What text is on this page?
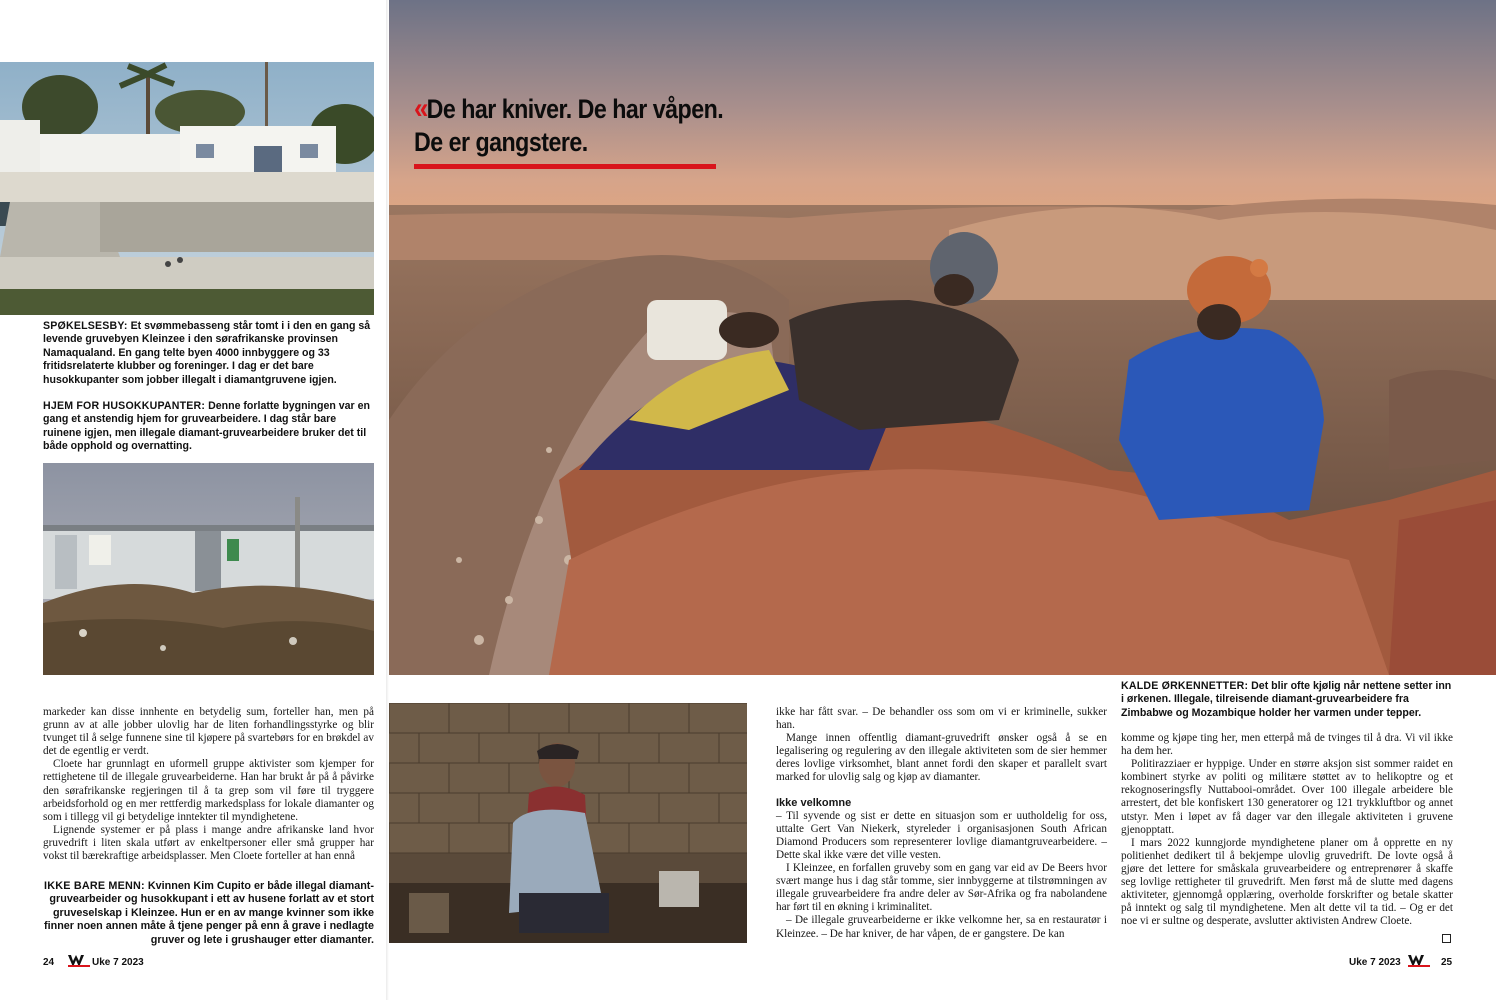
SPØKELSESBY: Et svømmebasseng står tomt i i den en gang så levende gruvebyen Kleinzee i den sørafrikanske provinsen Namaqualand. En gang telte byen 4000 innbyggere og 33 fritidsrelaterte klubber og foreninger. I dag er det bare husokkupanter som jobber illegalt i diamantgruvene igjen.

HJEM FOR HUSOKKUPANTER: Denne forlatte bygningen var en gang et anstendig hjem for gruvearbeidere. I dag står bare ruinene igjen, men illegale diamant-gruvearbeidere bruker det til både opphold og overnatting.

markeder kan disse innhente en betydelig sum, forteller han, men på grunn av at alle jobber ulovlig har de liten forhandlingsstyrke og blir tvunget til å selge funnene sine til kjøpere på svartebørs for en brøkdel av det de egentlig er verdt.

Cloete har grunnlagt en uformell gruppe aktivister som kjemper for rettighetene til de illegale gruvearbeiderne. Han har brukt år på å påvirke den sørafrikanske regjeringen til å ta grep som vil føre til tryggere arbeidsforhold og en mer rettferdig markedsplass for lokale diamanter og som i tillegg vil gi betydelige inntekter til myndighetene.

Lignende systemer er på plass i mange andre afrikanske land hvor gruvedrift i liten skala utført av enkeltpersoner eller små grupper har vokst til bærekraftige arbeidsplasser. Men Cloete forteller at han ennå

IKKE BARE MENN: Kvinnen Kim Cupito er både illegal diamant-gruvearbeider og husokkupant i ett av husene forlatt av et stort gruveselskap i Kleinzee. Hun er en av mange kvinner som ikke finner noen annen måte å tjene penger på enn å grave i nedlagte gruver og lete i grushauger etter diamanter.

« De har kniver. De har våpen.
De er gangstere.

ikke har fått svar. – De behandler oss som om vi er kriminelle, sukker han.

Mange innen offentlig diamant-gruvedrift ønsker også å se en legalisering og regulering av den illegale aktiviteten som de sier hemmer deres lovlige virksomhet, blant annet fordi den skaper et parallelt svart marked for ulovlig salg og kjøp av diamanter.

Ikke velkomne

– Til syvende og sist er dette en situasjon som er uutholdelig for oss, uttalte Gert Van Niekerk, styreleder i organisasjonen South African Diamond Producers som representerer lovlige diamantgruvearbeidere. – Dette skal ikke være det ville vesten.

I Kleinzee, en forfallen gruveby som en gang var eid av De Beers hvor svært mange hus i dag står tomme, sier innbyggerne at tilstrømningen av illegale gruvearbeidere fra andre deler av Sør-Afrika og fra nabolandene har ført til en økning i kriminalitet.

– De illegale gruvearbeiderne er ikke velkomne her, sa en restauratør i Kleinzee. – De har kniver, de har våpen, de er gangstere. De kan

KALDE ØRKENNETTER: Det blir ofte kjølig når nettene setter inn i ørkenen. Illegale, tilreisende diamant-gruvearbeidere fra Zimbabwe og Mozambique holder her varmen under tepper.

komme og kjøpe ting her, men etterpå må de tvinges til å dra. Vi vil ikke ha dem her.

Politirazziaer er hyppige. Under en større aksjon sist sommer raidet en kombinert styrke av politi og militære støttet av to helikoptre og et rekognoseringsfly Nuttabooi-området. Over 100 illegale arbeidere ble arrestert, det ble konfiskert 130 generatorer og 121 trykkluftbor og annet utstyr. Men i løpet av få dager var den illegale aktiviteten i gruvene gjenopptatt.

I mars 2022 kunngjorde myndighetene planer om å opprette en ny politienhet dedikert til å bekjempe ulovlig gruvedrift. De lovte også å gjøre det lettere for småskala gruvearbeidere og entreprenører å skaffe seg lovlige rettigheter til gruvedrift. Men først må de slutte med dagens aktiviteter, gjennomgå opplæring, overholde forskrifter og betale skatter på inntekt og salg til myndighetene. Men alt dette vil ta tid. – Og er det noe vi er sultne og desperate, avslutter aktivisten Andrew Cloete.

24	Uke 7 2023	Uke 7 2023	25
